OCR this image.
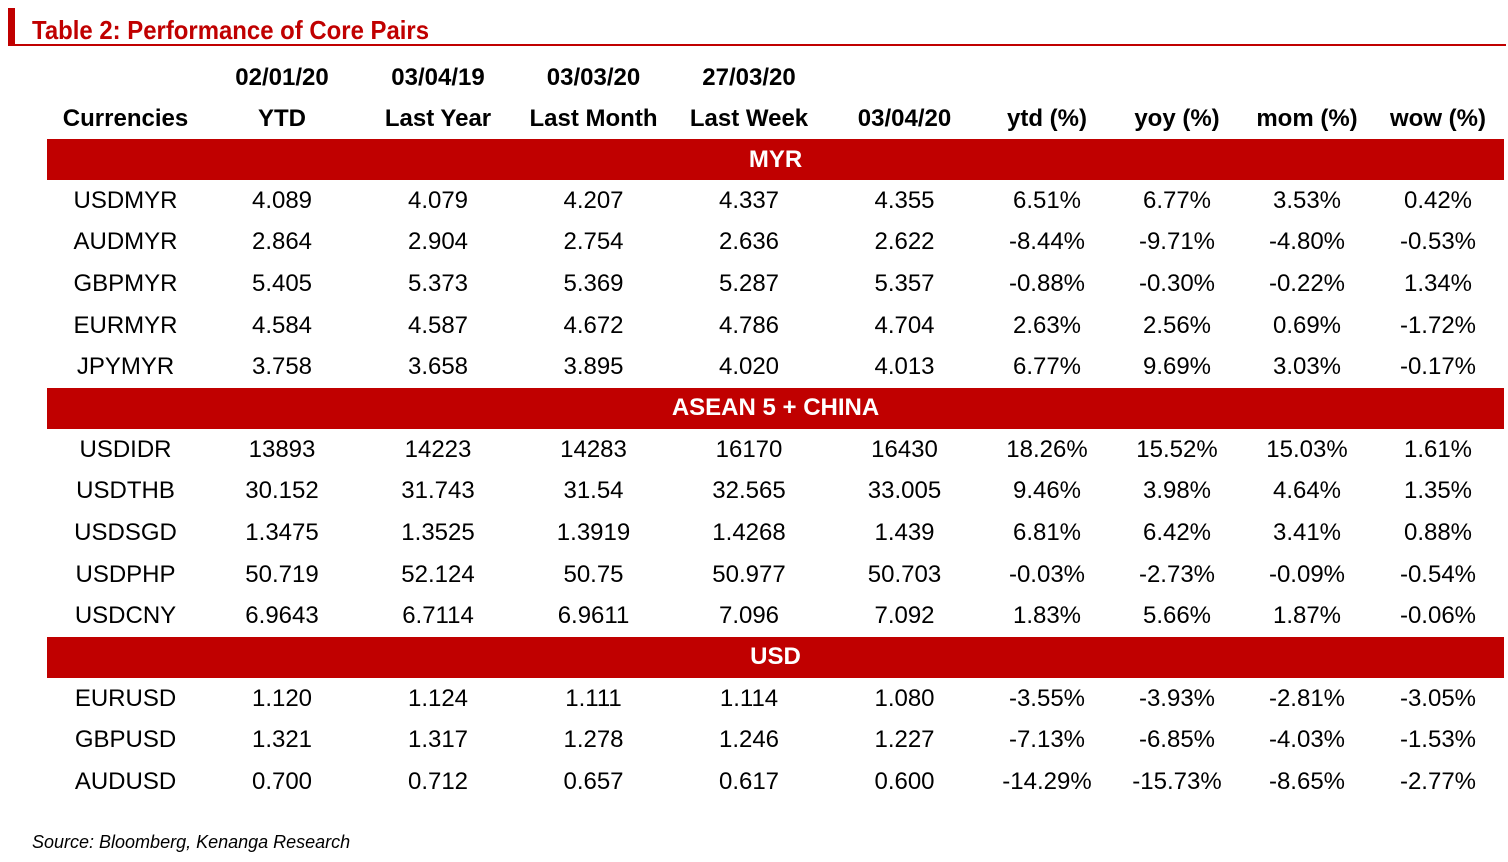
Table 2: Performance of Core Pairs
	02/01/20	03/04/19	03/03/20	27/03/20					
Currencies	YTD	Last Year	Last Month	Last Week	03/04/20	ytd (%)	yoy (%)	mom (%)	wow (%)
MYR									
USDMYR	4.089	4.079	4.207	4.337	4.355	6.51%	6.77%	3.53%	0.42%
AUDMYR	2.864	2.904	2.754	2.636	2.622	-8.44%	-9.71%	-4.80%	-0.53%
GBPMYR	5.405	5.373	5.369	5.287	5.357	-0.88%	-0.30%	-0.22%	1.34%
EURMYR	4.584	4.587	4.672	4.786	4.704	2.63%	2.56%	0.69%	-1.72%
JPYMYR	3.758	3.658	3.895	4.020	4.013	6.77%	9.69%	3.03%	-0.17%
ASEAN 5 + CHINA									
USDIDR	13893	14223	14283	16170	16430	18.26%	15.52%	15.03%	1.61%
USDTHB	30.152	31.743	31.54	32.565	33.005	9.46%	3.98%	4.64%	1.35%
USDSGD	1.3475	1.3525	1.3919	1.4268	1.439	6.81%	6.42%	3.41%	0.88%
USDPHP	50.719	52.124	50.75	50.977	50.703	-0.03%	-2.73%	-0.09%	-0.54%
USDCNY	6.9643	6.7114	6.9611	7.096	7.092	1.83%	5.66%	1.87%	-0.06%
USD									
EURUSD	1.120	1.124	1.111	1.114	1.080	-3.55%	-3.93%	-2.81%	-3.05%
GBPUSD	1.321	1.317	1.278	1.246	1.227	-7.13%	-6.85%	-4.03%	-1.53%
AUDUSD	0.700	0.712	0.657	0.617	0.600	-14.29%	-15.73%	-8.65%	-2.77%
Source: Bloomberg, Kenanga Research
